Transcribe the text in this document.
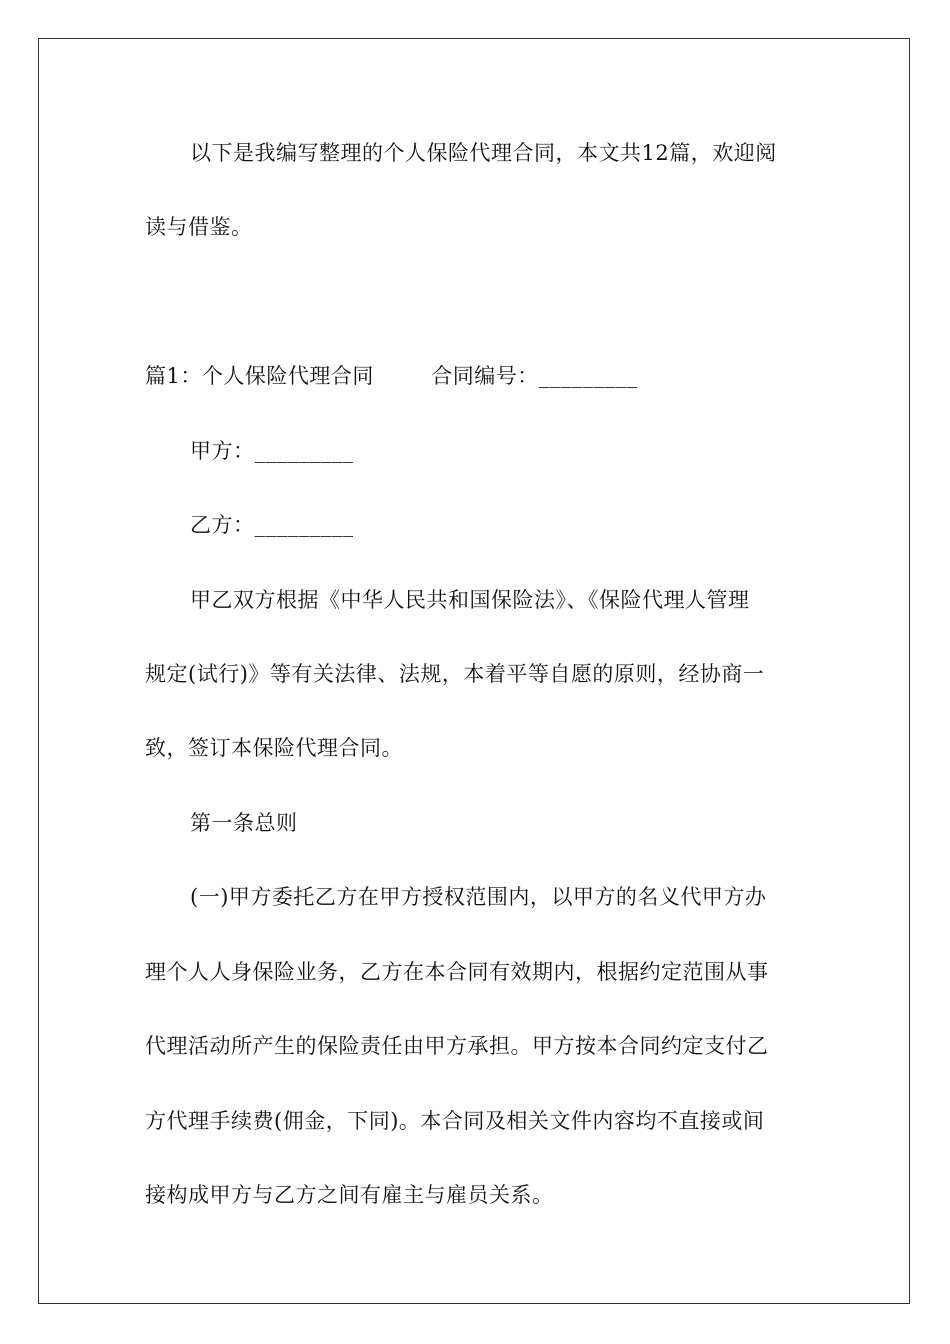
以下是我编写整理的个人保险代理合同，本文共12篇，欢迎阅
读与借鉴。
篇1：个人保险代理合同	合同编号：_________
甲方：_________
乙方：_________
甲乙双方根据《中华人民共和国保险法》、《保险代理人管理
规定(试行)》等有关法律、法规，本着平等自愿的原则，经协商一
致，签订本保险代理合同。
第一条总则
(一)甲方委托乙方在甲方授权范围内，以甲方的名义代甲方办
理个人人身保险业务，乙方在本合同有效期内，根据约定范围从事
代理活动所产生的保险责任由甲方承担。甲方按本合同约定支付乙
方代理手续费(佣金，下同)。本合同及相关文件内容均不直接或间
接构成甲方与乙方之间有雇主与雇员关系。
